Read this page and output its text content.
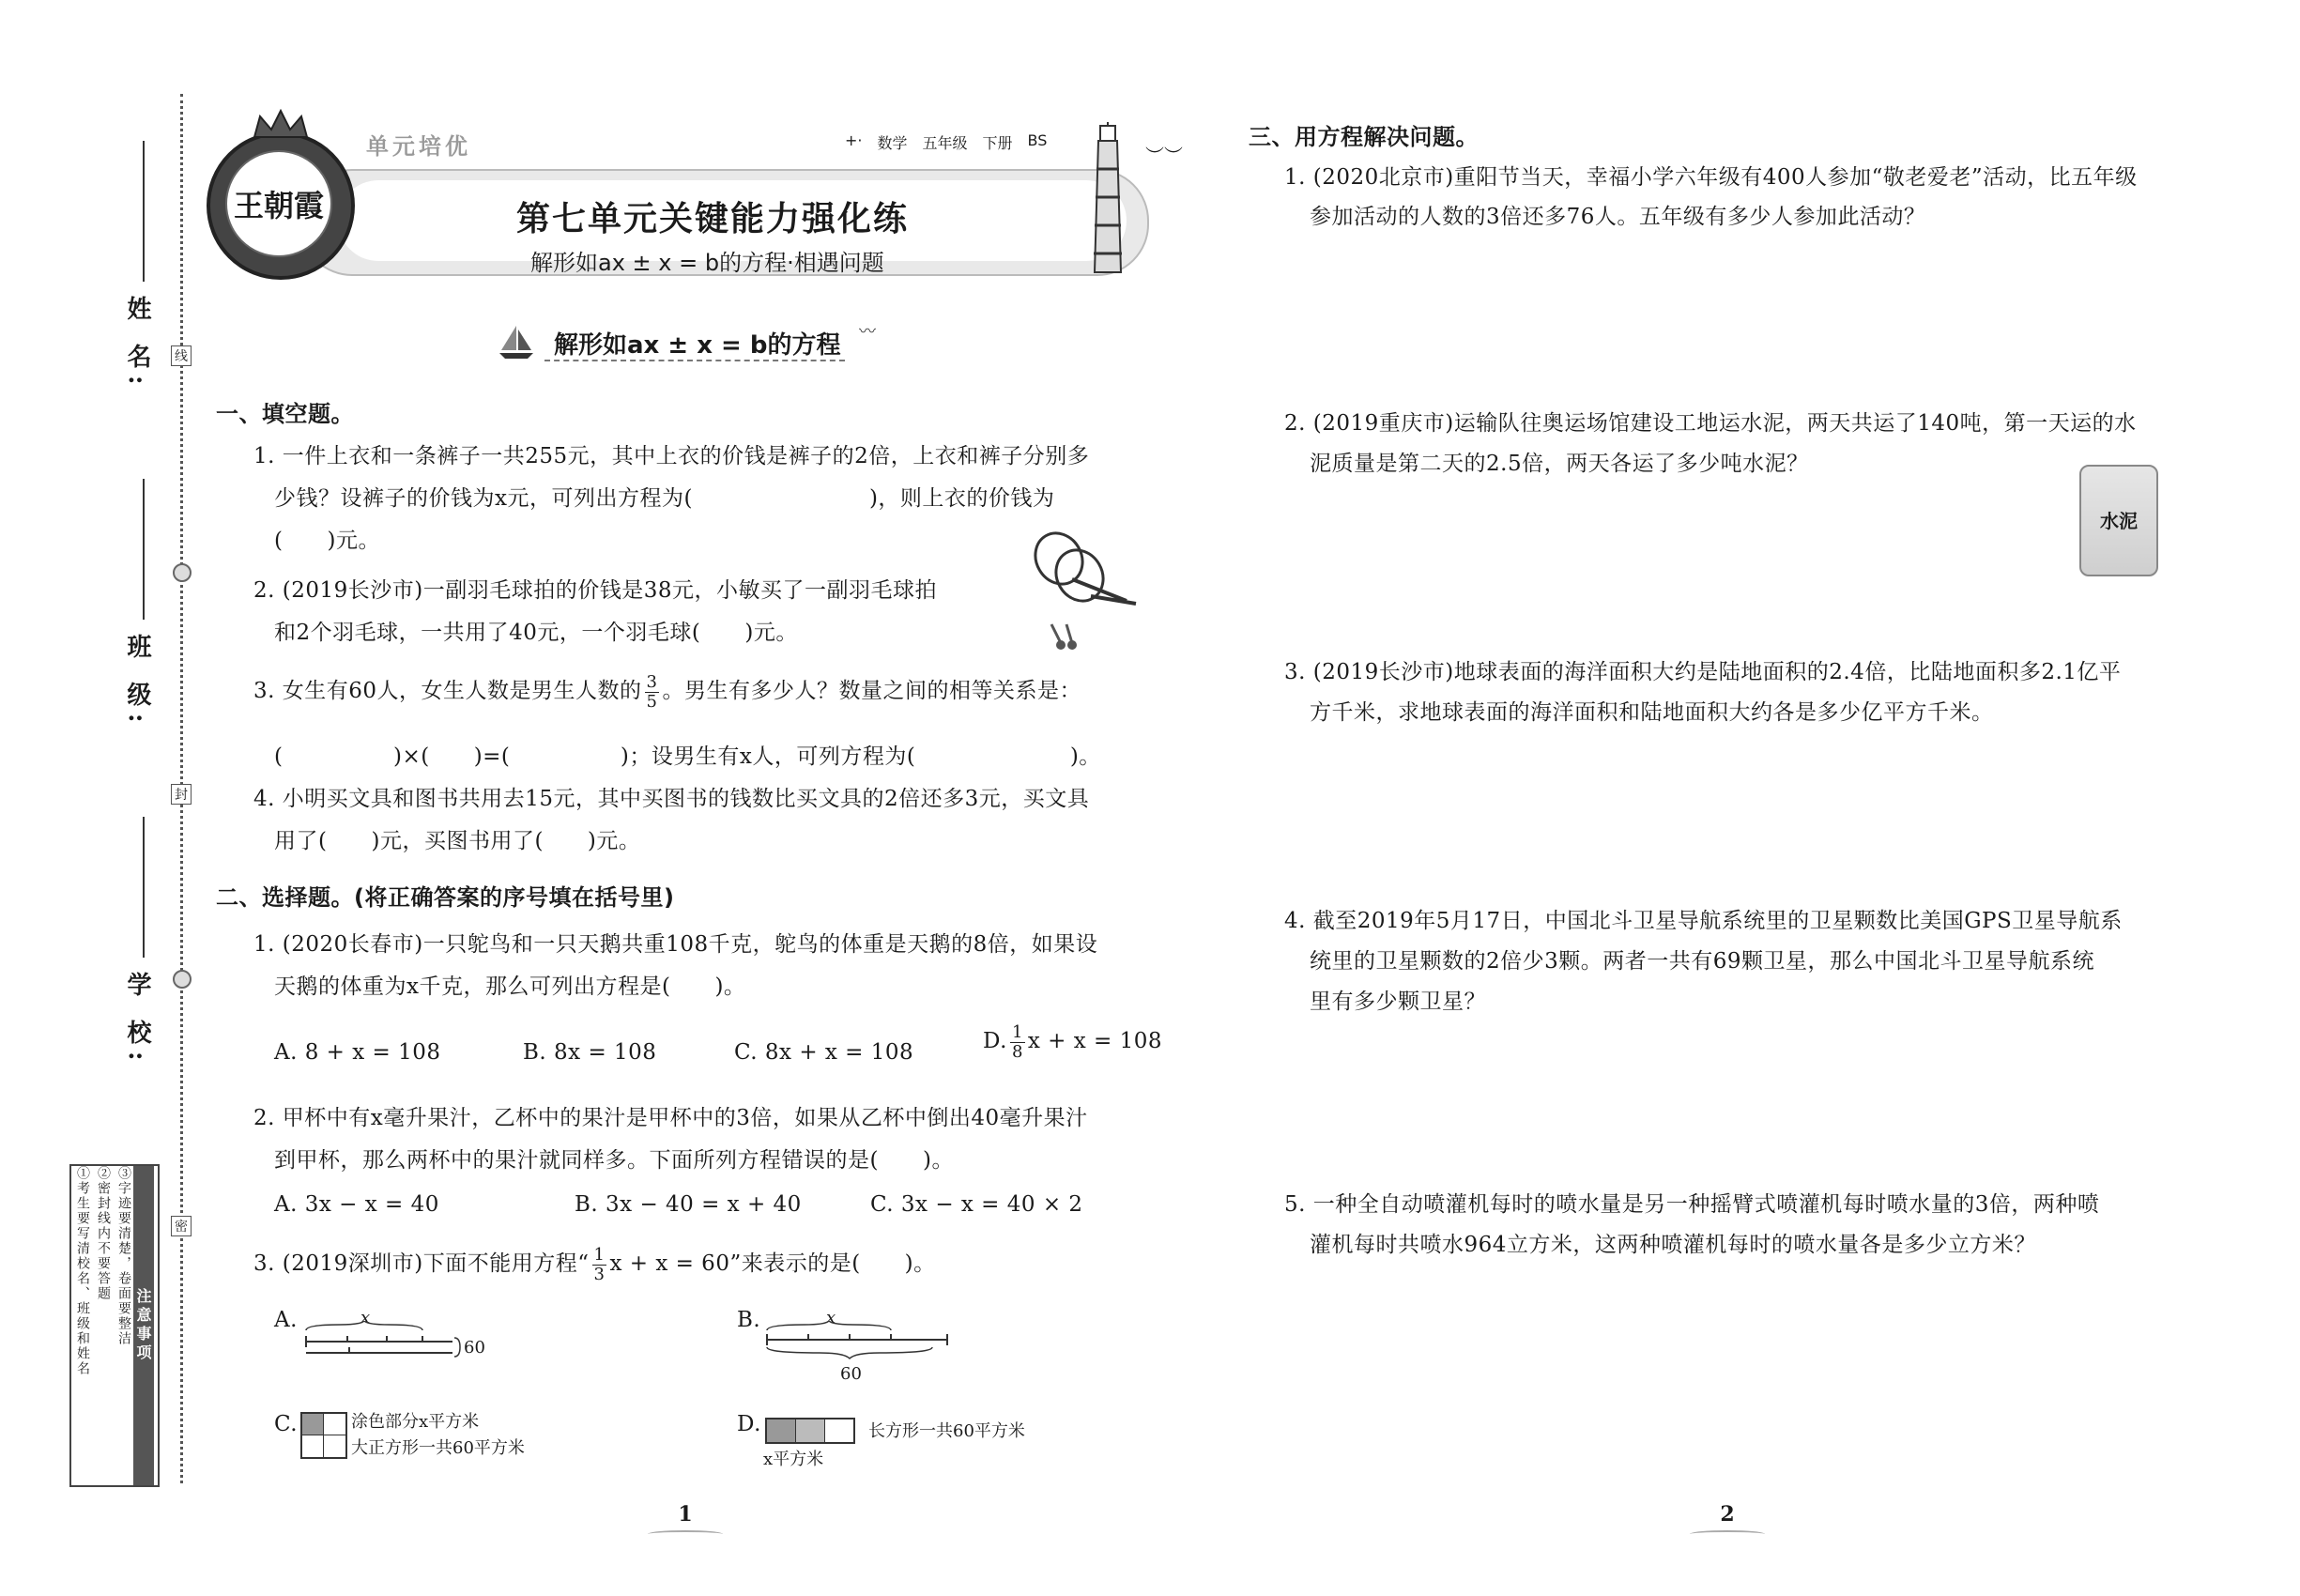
线
封
密
姓 名:
班 级:
学 校:
注意事项
③字迹要清楚，卷面要整洁
②密封线内不要答题
①考生要写清校名、班级和姓名
王朝霞
单元培优	+· 数学 五年级 下册 BS
第七单元关键能力强化练
解形如ax ± x = b的方程·相遇问题
︶︶
解形如ax ± x = b的方程 〰
一、填空题。
1. 一件上衣和一条裤子一共255元，其中上衣的价钱是裤子的2倍，上衣和裤子分别多
少钱？设裤子的价钱为x元，可列出方程为(　　　　　　　　)，则上衣的价钱为
(　　)元。
2. (2019长沙市)一副羽毛球拍的价钱是38元，小敏买了一副羽毛球拍
和2个羽毛球，一共用了40元，一个羽毛球(　　)元。
3. 女生有60人，女生人数是男生人数的 $\frac{3}{5}$ 。男生有多少人？数量之间的相等关系是：
(　　　　　)×(　　)=(　　　　　)；设男生有x人，可列方程为(　　　　　　　)。
4. 小明买文具和图书共用去15元，其中买图书的钱数比买文具的2倍还多3元，买文具
用了(　　)元，买图书用了(　　)元。
二、选择题。(将正确答案的序号填在括号里)
1. (2020长春市)一只鸵鸟和一只天鹅共重108千克，鸵鸟的体重是天鹅的8倍，如果设
天鹅的体重为x千克，那么可列出方程是(　　)。
A. 8 + x = 108	B. 8x = 108	C. 8x + x = 108	D. $\frac{1}{8}$ x + x = 108
2. 甲杯中有x毫升果汁，乙杯中的果汁是甲杯中的3倍，如果从乙杯中倒出40毫升果汁
到甲杯，那么两杯中的果汁就同样多。下面所列方程错误的是(　　)。
A. 3x − x = 40	B. 3x − 40 = x + 40	C. 3x − x = 40 × 2
3. (2019深圳市)下面不能用方程“ $\frac{1}{3}$ x + x = 60”来表示的是(　　)。
A.	x
60
B.	x
60
C.	涂色部分x平方米
大正方形一共60平方米
D.	长方形一共60平方米
x平方米
1
三、用方程解决问题。
1. (2020北京市)重阳节当天，幸福小学六年级有400人参加“敬老爱老”活动，比五年级
参加活动的人数的3倍还多76人。五年级有多少人参加此活动？
2. (2019重庆市)运输队往奥运场馆建设工地运水泥，两天共运了140吨，第一天运的水
泥质量是第二天的2.5倍，两天各运了多少吨水泥？
水泥
3. (2019长沙市)地球表面的海洋面积大约是陆地面积的2.4倍，比陆地面积多2.1亿平
方千米，求地球表面的海洋面积和陆地面积大约各是多少亿平方千米。
4. 截至2019年5月17日，中国北斗卫星导航系统里的卫星颗数比美国GPS卫星导航系
统里的卫星颗数的2倍少3颗。两者一共有69颗卫星，那么中国北斗卫星导航系统
里有多少颗卫星？
5. 一种全自动喷灌机每时的喷水量是另一种摇臂式喷灌机每时喷水量的3倍，两种喷
灌机每时共喷水964立方米，这两种喷灌机每时的喷水量各是多少立方米？
2
